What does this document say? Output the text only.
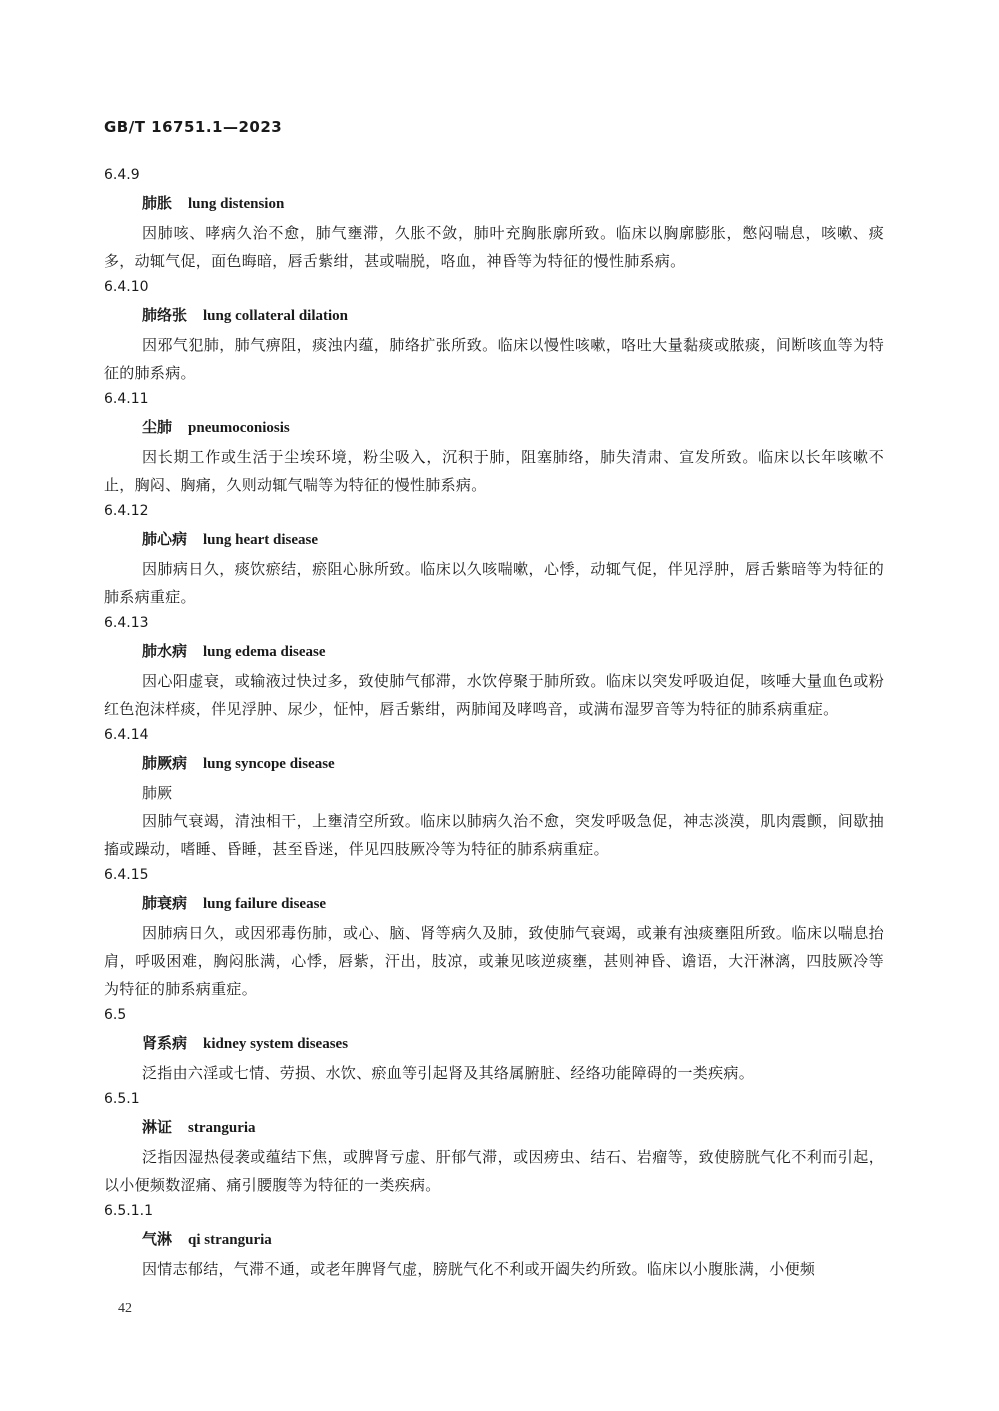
GB/T 16751.1—2023
6.4.9
肺胀 lung distension

因肺咳、哮病久治不愈，肺气壅滞，久胀不敛，肺叶充胸胀廓所致。临床以胸廓膨胀，憋闷喘息，咳嗽、痰多，动辄气促，面色晦暗，唇舌紫绀，甚或喘脱，咯血，神昏等为特征的慢性肺系病。

6.4.10
肺络张 lung collateral dilation

因邪气犯肺，肺气痹阻，痰浊内蕴，肺络扩张所致。临床以慢性咳嗽，咯吐大量黏痰或脓痰，间断咳血等为特征的肺系病。

6.4.11
尘肺 pneumoconiosis

因长期工作或生活于尘埃环境，粉尘吸入，沉积于肺，阻塞肺络，肺失清肃、宣发所致。临床以长年咳嗽不止，胸闷、胸痛，久则动辄气喘等为特征的慢性肺系病。

6.4.12
肺心病 lung heart disease

因肺病日久，痰饮瘀结，瘀阻心脉所致。临床以久咳喘嗽，心悸，动辄气促，伴见浮肿，唇舌紫暗等为特征的肺系病重症。

6.4.13
肺水病 lung edema disease

因心阳虚衰，或输液过快过多，致使肺气郁滞，水饮停聚于肺所致。临床以突发呼吸迫促，咳唾大量血色或粉红色泡沫样痰，伴见浮肿、尿少，怔忡，唇舌紫绀，两肺闻及哮鸣音，或满布湿罗音等为特征的肺系病重症。

6.4.14
肺厥病 lung syncope disease
肺厥

因肺气衰竭，清浊相干，上壅清空所致。临床以肺病久治不愈，突发呼吸急促，神志淡漠，肌肉震颤，间歇抽搐或躁动，嗜睡、昏睡，甚至昏迷，伴见四肢厥冷等为特征的肺系病重症。

6.4.15
肺衰病 lung failure disease

因肺病日久，或因邪毒伤肺，或心、脑、肾等病久及肺，致使肺气衰竭，或兼有浊痰壅阻所致。临床以喘息抬肩，呼吸困难，胸闷胀满，心悸，唇紫，汗出，肢凉，或兼见咳逆痰壅，甚则神昏、谵语，大汗淋漓，四肢厥冷等为特征的肺系病重症。

6.5
肾系病 kidney system diseases

泛指由六淫或七情、劳损、水饮、瘀血等引起肾及其络属腑脏、经络功能障碍的一类疾病。

6.5.1
淋证 stranguria

泛指因湿热侵袭或蕴结下焦，或脾肾亏虚、肝郁气滞，或因痨虫、结石、岩瘤等，致使膀胱气化不利而引起，以小便频数涩痛、痛引腰腹等为特征的一类疾病。

6.5.1.1
气淋 qi stranguria

因情志郁结，气滞不通，或老年脾肾气虚，膀胱气化不利或开阖失约所致。临床以小腹胀满，小便频

42
